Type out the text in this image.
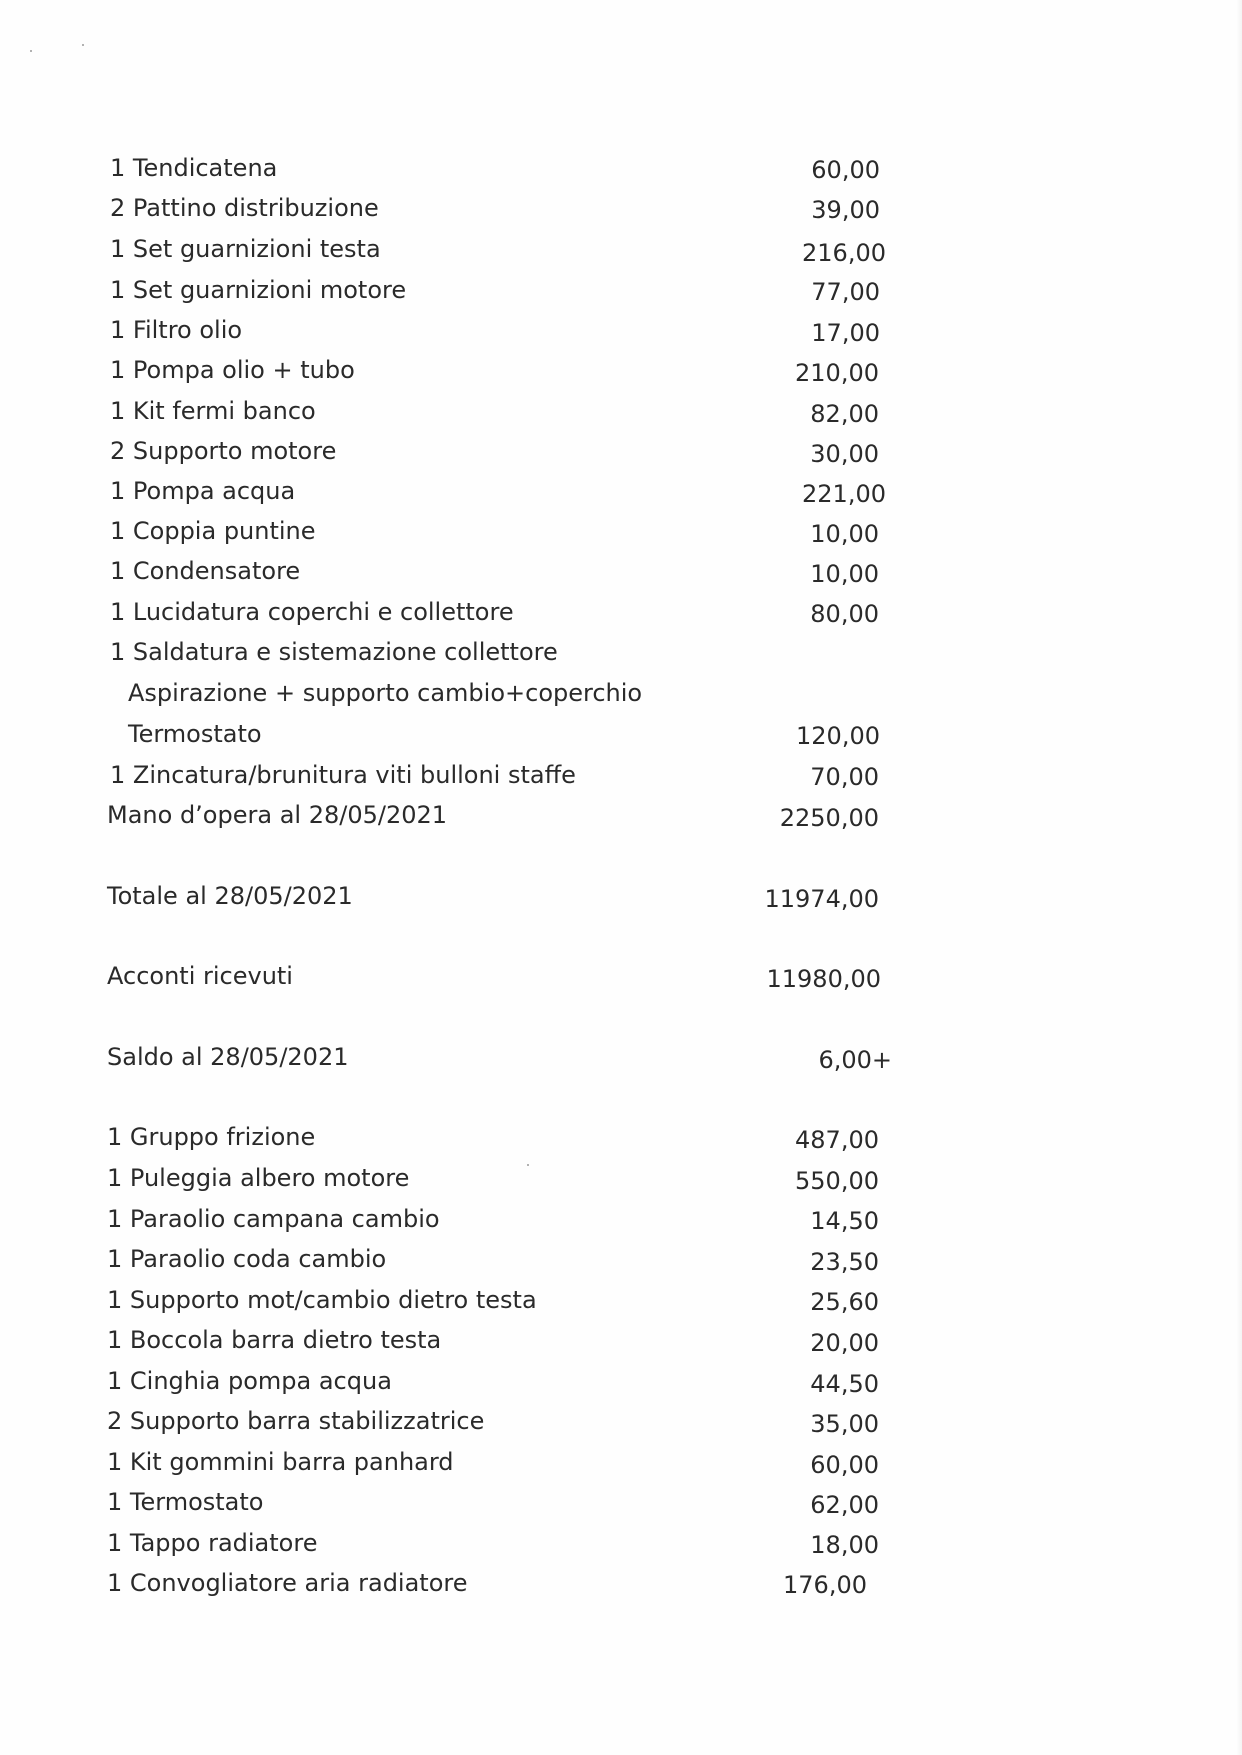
1 Tendicatena	60,00
2 Pattino distribuzione	39,00
1 Set guarnizioni testa	216,00
1 Set guarnizioni motore	77,00
1 Filtro olio	17,00
1 Pompa olio + tubo	210,00
1 Kit fermi banco	82,00
2 Supporto motore	30,00
1 Pompa acqua	221,00
1 Coppia puntine	10,00
1 Condensatore	10,00
1 Lucidatura coperchi e collettore	80,00
1 Saldatura e sistemazione collettore
Aspirazione + supporto cambio+coperchio
Termostato	120,00
1 Zincatura/brunitura viti bulloni staffe	70,00
Mano d’opera al 28/05/2021	2250,00
Totale al 28/05/2021	11974,00
Acconti ricevuti	11980,00
Saldo al 28/05/2021	6,00+
1 Gruppo frizione	487,00
1 Puleggia albero motore	550,00
1 Paraolio campana cambio	14,50
1 Paraolio coda cambio	23,50
1 Supporto mot/cambio dietro testa	25,60
1 Boccola barra dietro testa	20,00
1 Cinghia pompa acqua	44,50
2 Supporto barra stabilizzatrice	35,00
1 Kit gommini barra panhard	60,00
1 Termostato	62,00
1 Tappo radiatore	18,00
1 Convogliatore aria radiatore	176,00
